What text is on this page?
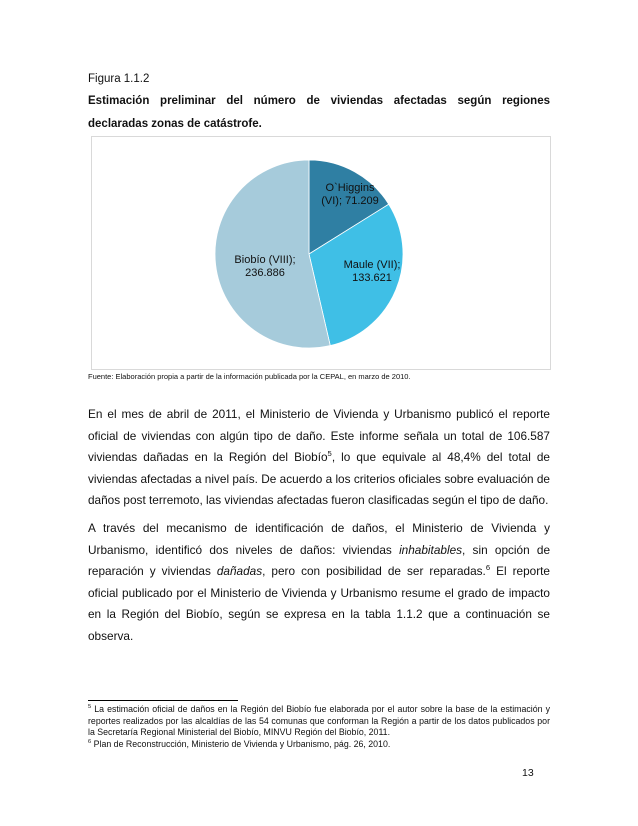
Figura 1.1.2
Estimación preliminar del número de viviendas afectadas según regiones declaradas zonas de catástrofe.
O`Higgins
(VI); 71.209
Maule (VII);
133.621
Biobío (VIII);
236.886
Fuente: Elaboración propia a partir de la información publicada por la CEPAL, en marzo de 2010.

En el mes de abril de 2011, el Ministerio de Vivienda y Urbanismo publicó el reporte oficial de viviendas con algún tipo de daño. Este informe señala un total de 106.587 viviendas dañadas en la Región del Biobío$^5$, lo que equivale al 48,4% del total de viviendas afectadas a nivel país. De acuerdo a los criterios oficiales sobre evaluación de daños post terremoto, las viviendas afectadas fueron clasificadas según el tipo de daño.

A través del mecanismo de identificación de daños, el Ministerio de Vivienda y Urbanismo, identificó dos niveles de daños: viviendas inhabitables, sin opción de reparación y viviendas dañadas, pero con posibilidad de ser reparadas.$^6$ El reporte oficial publicado por el Ministerio de Vivienda y Urbanismo resume el grado de impacto en la Región del Biobío, según se expresa en la tabla 1.1.2 que a continuación se observa.

$^5$ La estimación oficial de daños en la Región del Biobío fue elaborada por el autor sobre la base de la estimación y reportes realizados por las alcaldías de las 54 comunas que conforman la Región a partir de los datos publicados por la Secretaría Regional Ministerial del Biobío, MINVU Región del Biobío, 2011.

$^6$ Plan de Reconstrucción, Ministerio de Vivienda y Urbanismo, pág. 26, 2010.

13
